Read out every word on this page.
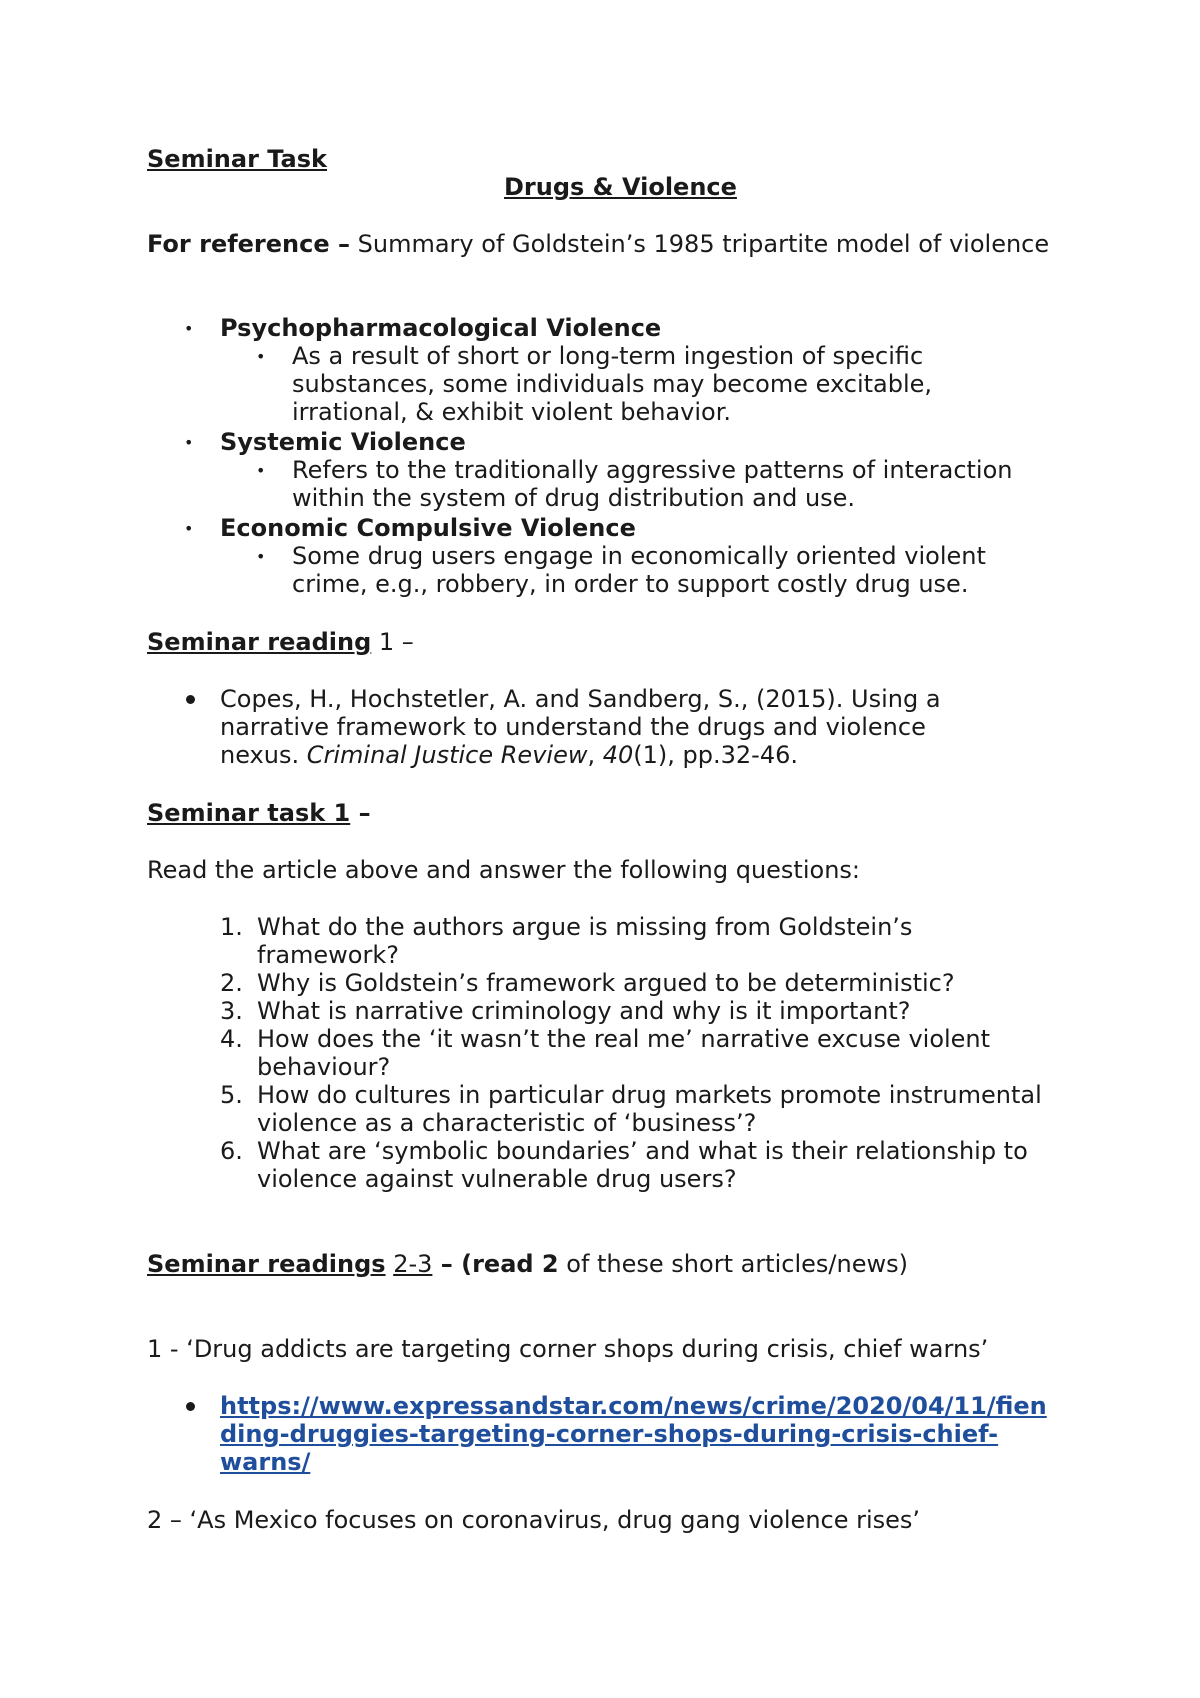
Seminar Task
Drugs & Violence
For reference – Summary of Goldstein’s 1985 tripartite model of violence
• Psychopharmacological Violence
• As a result of short or long-term ingestion of specific
substances, some individuals may become excitable,
irrational, & exhibit violent behavior.
• Systemic Violence
• Refers to the traditionally aggressive patterns of interaction
within the system of drug distribution and use.
• Economic Compulsive Violence
• Some drug users engage in economically oriented violent
crime, e.g., robbery, in order to support costly drug use.
Seminar reading 1 –
Copes, H., Hochstetler, A. and Sandberg, S., (2015). Using a
narrative framework to understand the drugs and violence
nexus. Criminal Justice Review, 40(1), pp.32-46.
Seminar task 1 –
Read the article above and answer the following questions:
1. What do the authors argue is missing from Goldstein’s
framework?
2. Why is Goldstein’s framework argued to be deterministic?
3. What is narrative criminology and why is it important?
4. How does the ‘it wasn’t the real me’ narrative excuse violent
behaviour?
5. How do cultures in particular drug markets promote instrumental
violence as a characteristic of ‘business’?
6. What are ‘symbolic boundaries’ and what is their relationship to
violence against vulnerable drug users?
Seminar readings 2-3 – (read 2 of these short articles/news)
1 - ‘Drug addicts are targeting corner shops during crisis, chief warns’
https://www.expressandstar.com/news/crime/2020/04/11/fien
ding-druggies-targeting-corner-shops-during-crisis-chief-
warns/
2 – ‘As Mexico focuses on coronavirus, drug gang violence rises’
